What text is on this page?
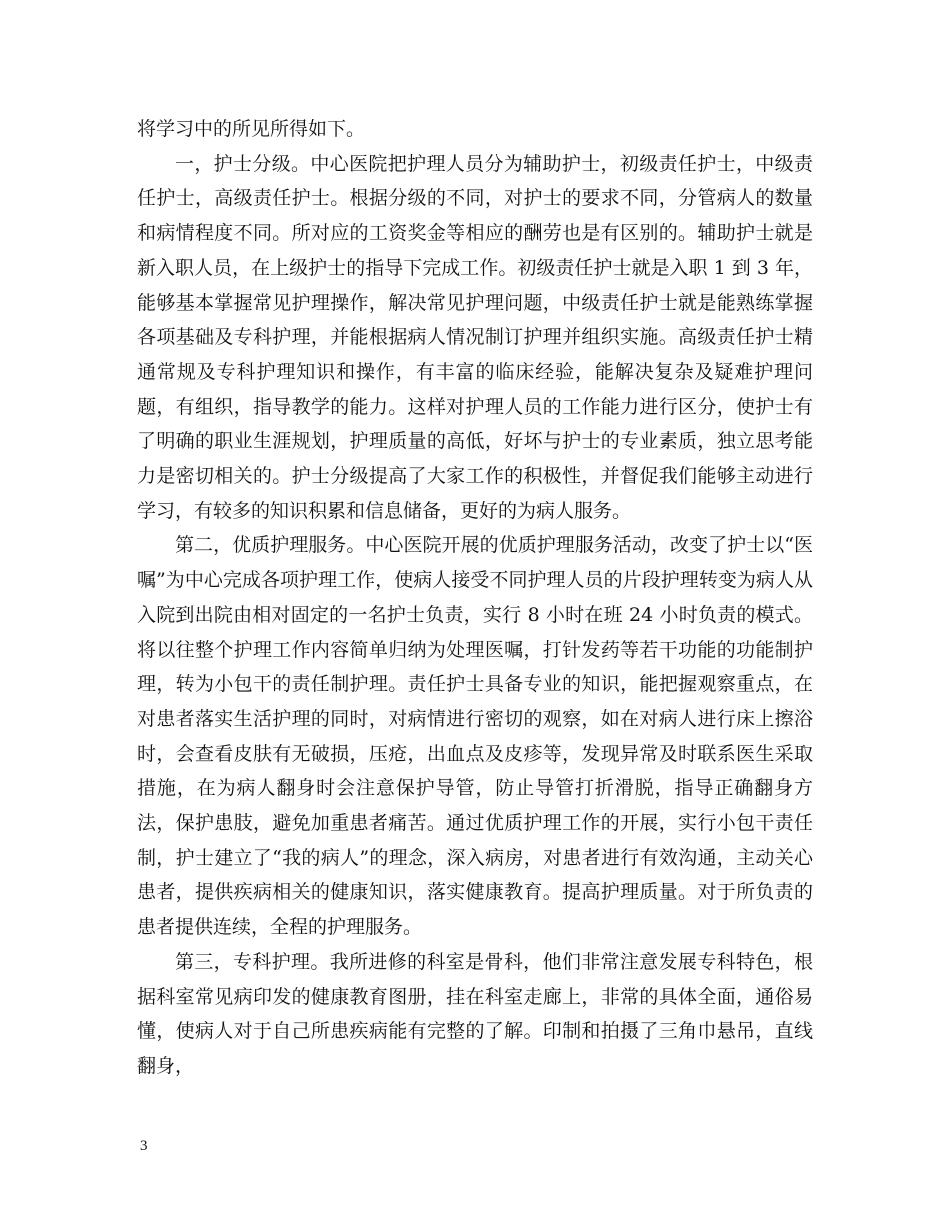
将学习中的所见所得如下。

一，护士分级。中心医院把护理人员分为辅助护士，初级责任护士，中级责任护士，高级责任护士。根据分级的不同，对护士的要求不同，分管病人的数量和病情程度不同。所对应的工资奖金等相应的酬劳也是有区别的。辅助护士就是新入职人员，在上级护士的指导下完成工作。初级责任护士就是入职 1 到 3 年，能够基本掌握常见护理操作，解决常见护理问题，中级责任护士就是能熟练掌握各项基础及专科护理，并能根据病人情况制订护理并组织实施。高级责任护士精通常规及专科护理知识和操作，有丰富的临床经验，能解决复杂及疑难护理问题，有组织，指导教学的能力。这样对护理人员的工作能力进行区分，使护士有了明确的职业生涯规划，护理质量的高低，好坏与护士的专业素质，独立思考能力是密切相关的。护士分级提高了大家工作的积极性，并督促我们能够主动进行学习，有较多的知识积累和信息储备，更好的为病人服务。

第二，优质护理服务。中心医院开展的优质护理服务活动，改变了护士以“医嘱”为中心完成各项护理工作，使病人接受不同护理人员的片段护理转变为病人从入院到出院由相对固定的一名护士负责，实行 8 小时在班 24 小时负责的模式。将以往整个护理工作内容简单归纳为处理医嘱，打针发药等若干功能的功能制护理，转为小包干的责任制护理。责任护士具备专业的知识，能把握观察重点，在对患者落实生活护理的同时，对病情进行密切的观察，如在对病人进行床上擦浴时，会查看皮肤有无破损，压疮，出血点及皮疹等，发现异常及时联系医生采取措施，在为病人翻身时会注意保护导管，防止导管打折滑脱，指导正确翻身方法，保护患肢，避免加重患者痛苦。通过优质护理工作的开展，实行小包干责任制，护士建立了“我的病人”的理念，深入病房，对患者进行有效沟通，主动关心患者，提供疾病相关的健康知识，落实健康教育。提高护理质量。对于所负责的患者提供连续，全程的护理服务。

第三，专科护理。我所进修的科室是骨科，他们非常注意发展专科特色，根据科室常见病印发的健康教育图册，挂在科室走廊上，非常的具体全面，通俗易懂，使病人对于自己所患疾病能有完整的了解。印制和拍摄了三角巾悬吊，直线翻身，

3
